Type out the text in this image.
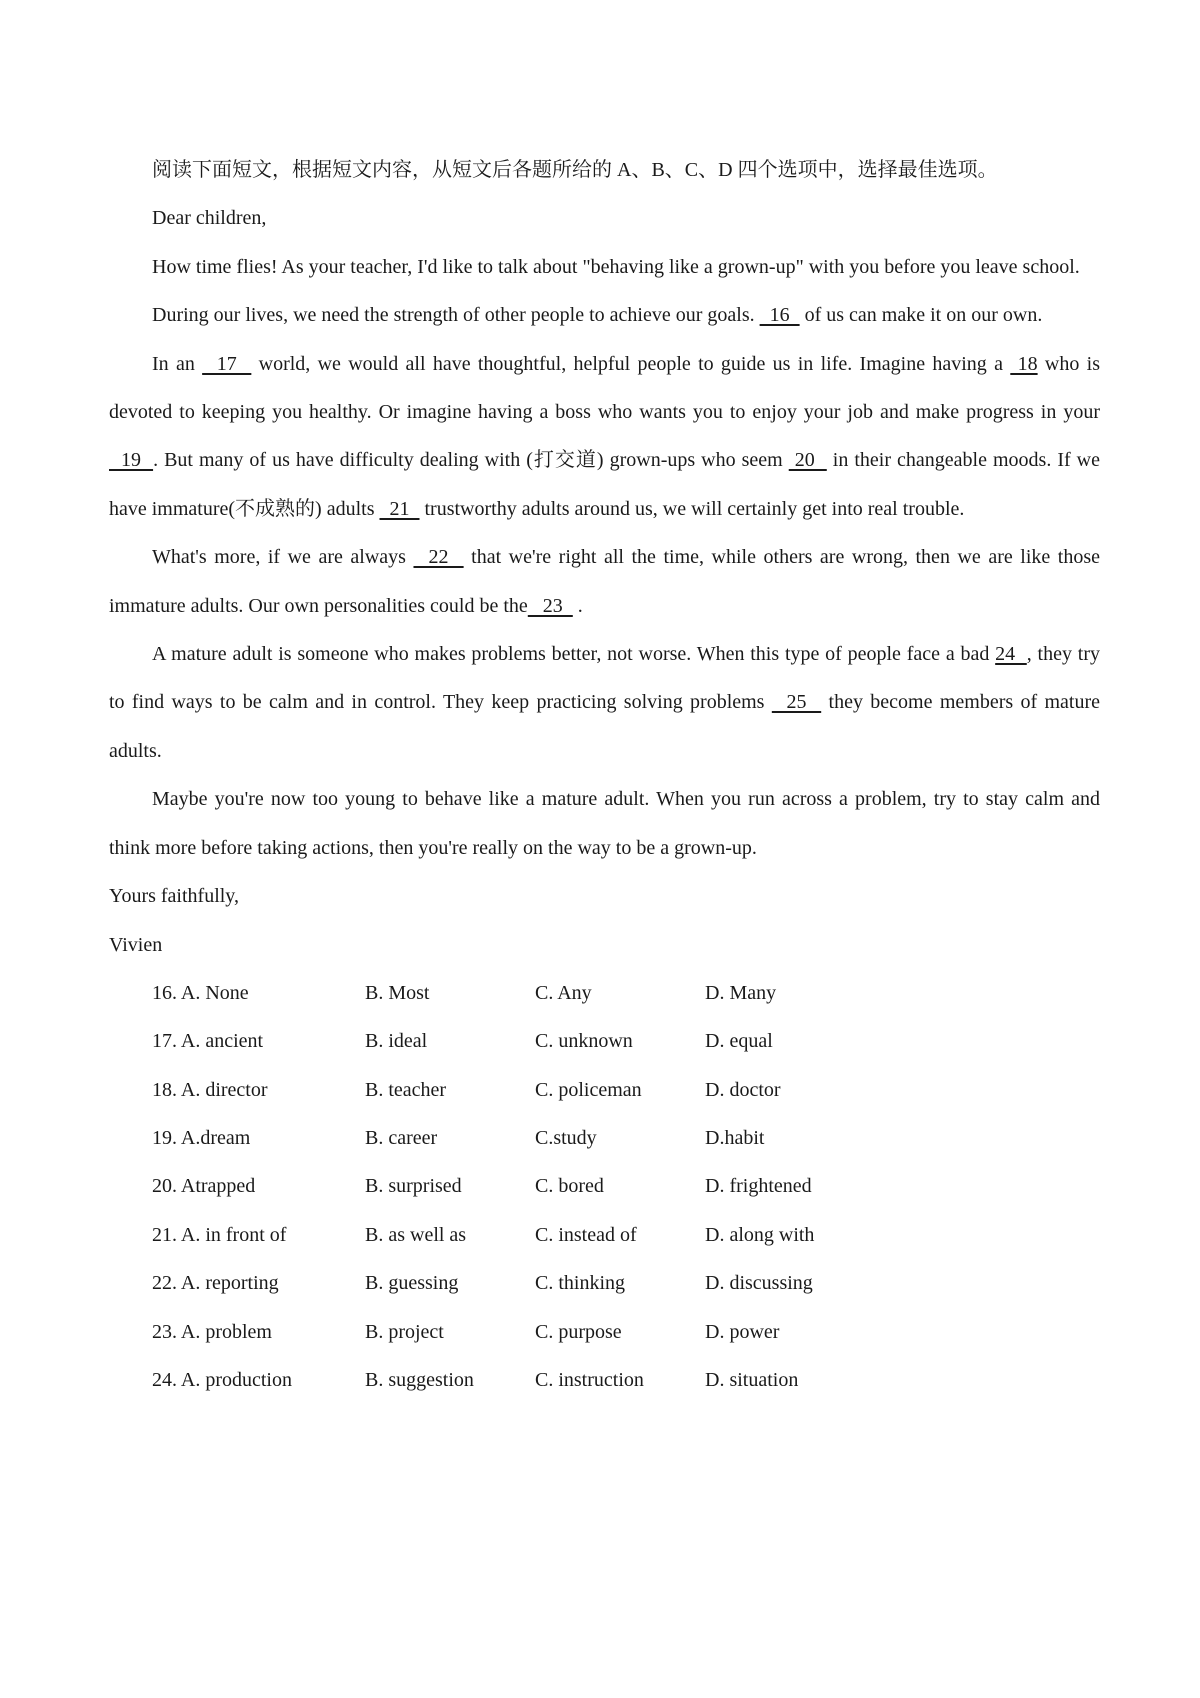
阅读下面短文，根据短文内容，从短文后各题所给的 A、B、C、D 四个选项中，选择最佳选项。

Dear children,

How time flies! As your teacher, I'd like to talk about "behaving like a grown-up" with you before you leave school.

During our lives, we need the strength of other people to achieve our goals.   16   of us can make it on our own.

In an   17   world, we would all have thoughtful, helpful people to guide us in life. Imagine having a  18 who is devoted to keeping you healthy. Or imagine having a boss who wants you to enjoy your job and make progress in your   19  . But many of us have difficulty dealing with (打交道) grown-ups who seem  20   in their changeable moods. If we have immature(不成熟的) adults   21   trustworthy adults around us, we will certainly get into real trouble.

What's more, if we are always   22   that we're right all the time, while others are wrong, then we are like those immature adults. Our own personalities could be the   23   .

A mature adult is someone who makes problems better, not worse. When this type of people face a bad 24  , they try to find ways to be calm and in control. They keep practicing solving problems   25   they become members of mature adults.

Maybe you're now too young to behave like a mature adult. When you run across a problem, try to stay calm and think more before taking actions, then you're really on the way to be a grown-up.

Yours faithfully,

Vivien

16. A. None	B. Most	C. Any	D. Many
17. A. ancient	B. ideal	C. unknown	D. equal
18. A. director	B. teacher	C. policeman	D. doctor
19. A.dream	B. career	C.study	D.habit
20. Atrapped	B. surprised	C. bored	D. frightened
21. A. in front of	B. as well as	C. instead of	D. along with
22. A. reporting	B. guessing	C. thinking	D. discussing
23. A. problem	B. project	C. purpose	D. power
24. A. production	B. suggestion	C. instruction	D. situation
